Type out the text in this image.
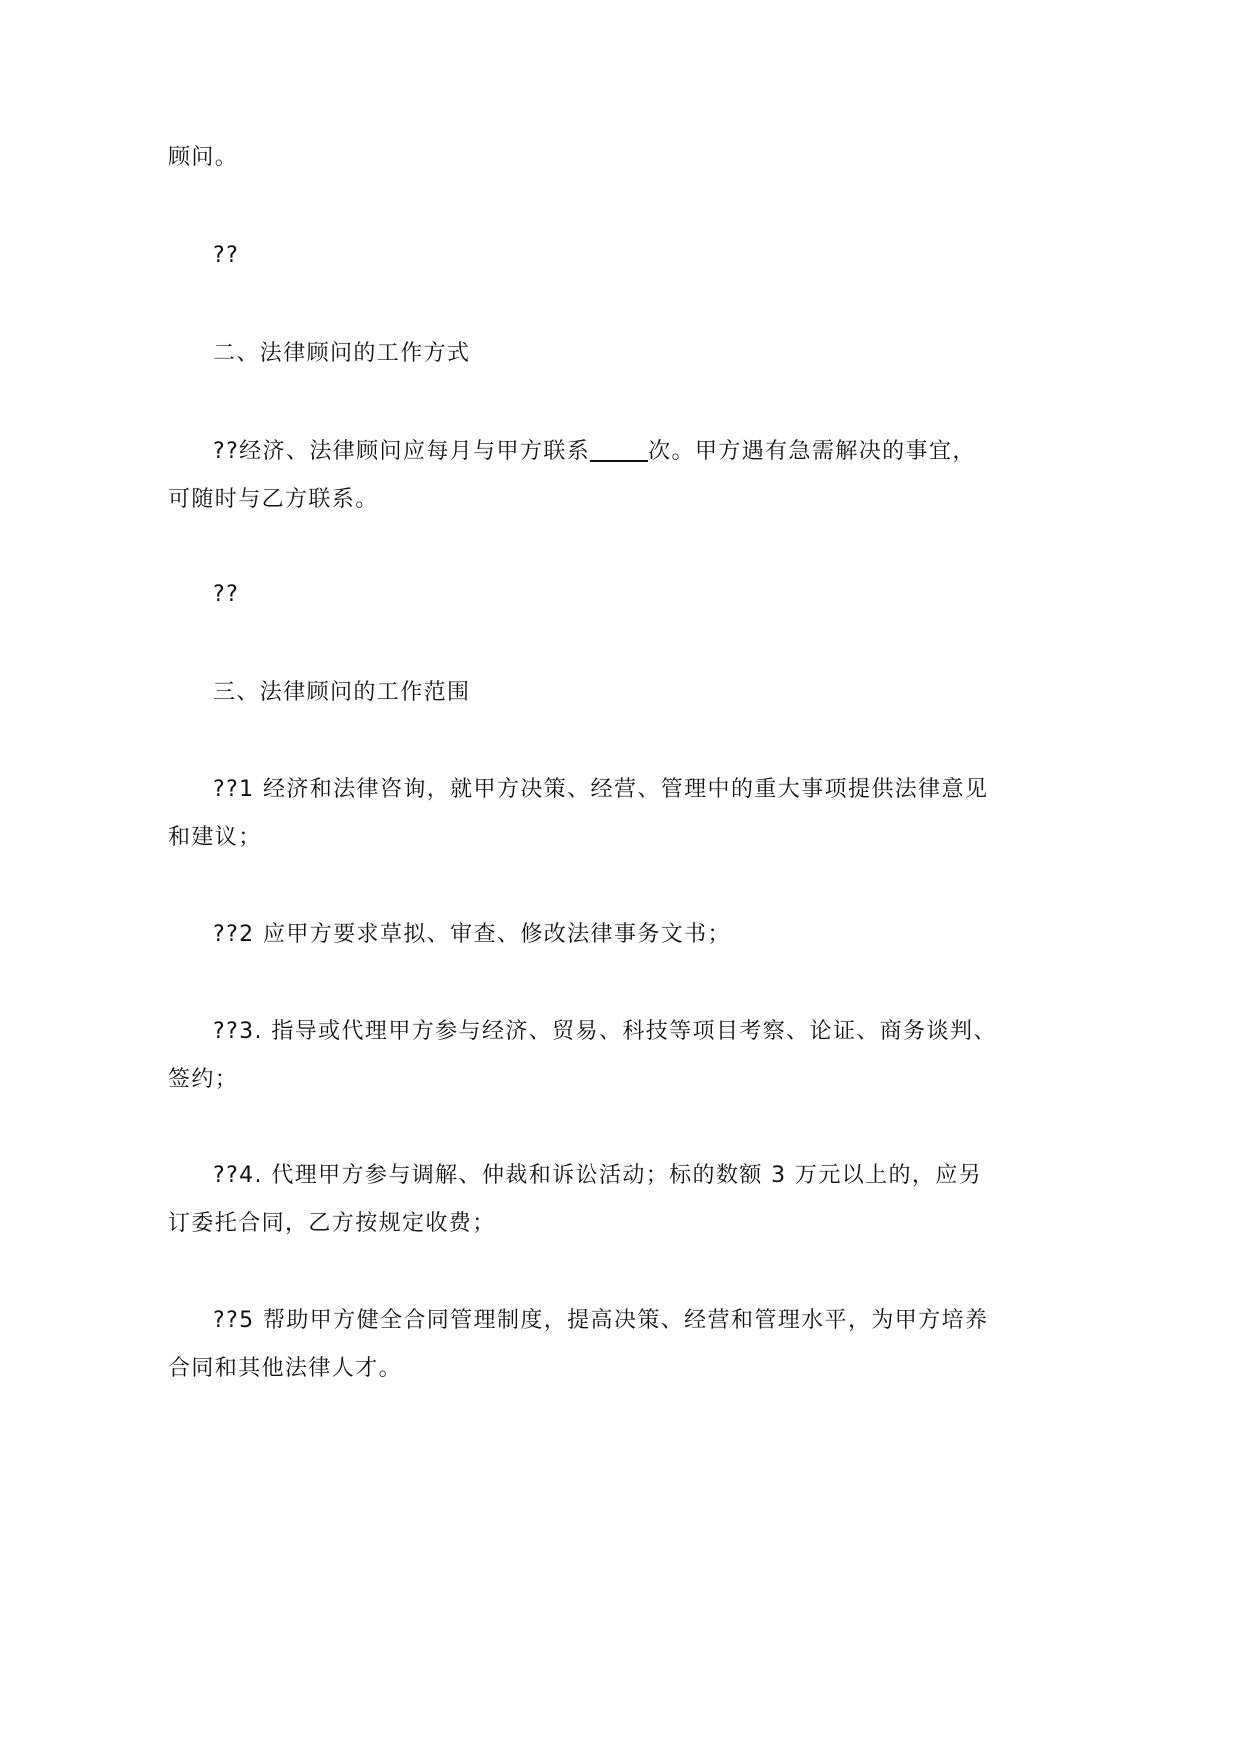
顾问。

??

二、法律顾问的工作方式

??经济、法律顾问应每月与甲方联系	次。甲方遇有急需解决的事宜，

可随时与乙方联系。

??

三、法律顾问的工作范围

??1 经济和法律咨询，就甲方决策、经营、管理中的重大事项提供法律意见

和建议；

??2 应甲方要求草拟、审查、修改法律事务文书；

??3. 指导或代理甲方参与经济、贸易、科技等项目考察、论证、商务谈判、

签约；

??4. 代理甲方参与调解、仲裁和诉讼活动；标的数额 3 万元以上的，应另

订委托合同，乙方按规定收费；

??5 帮助甲方健全合同管理制度，提高决策、经营和管理水平，为甲方培养

合同和其他法律人才。
